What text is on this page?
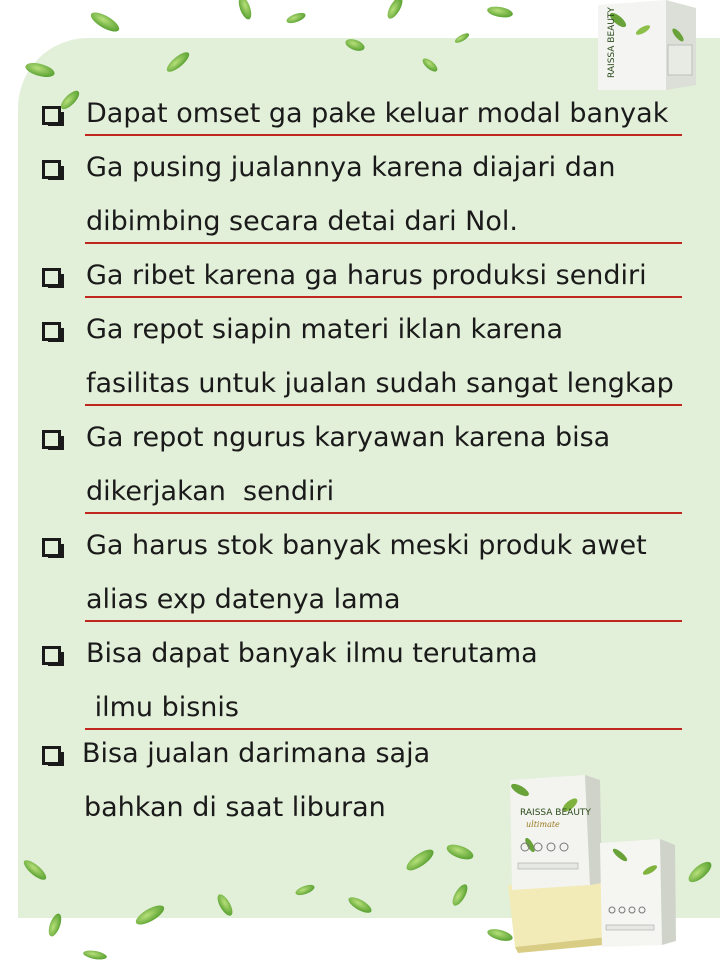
RAISSA BEAUTY
RAISSA BEAUTY
ultimate
Dapat omset ga pake keluar modal banyak
Ga pusing jualannya karena diajari dan
dibimbing secara detai dari Nol.
Ga ribet karena ga harus produksi sendiri
Ga repot siapin materi iklan karena
fasilitas untuk jualan sudah sangat lengkap
Ga repot ngurus karyawan karena bisa
dikerjakan  sendiri
Ga harus stok banyak meski produk awet
alias exp datenya lama
Bisa dapat banyak ilmu terutama
ilmu bisnis
Bisa jualan darimana saja
bahkan di saat liburan
